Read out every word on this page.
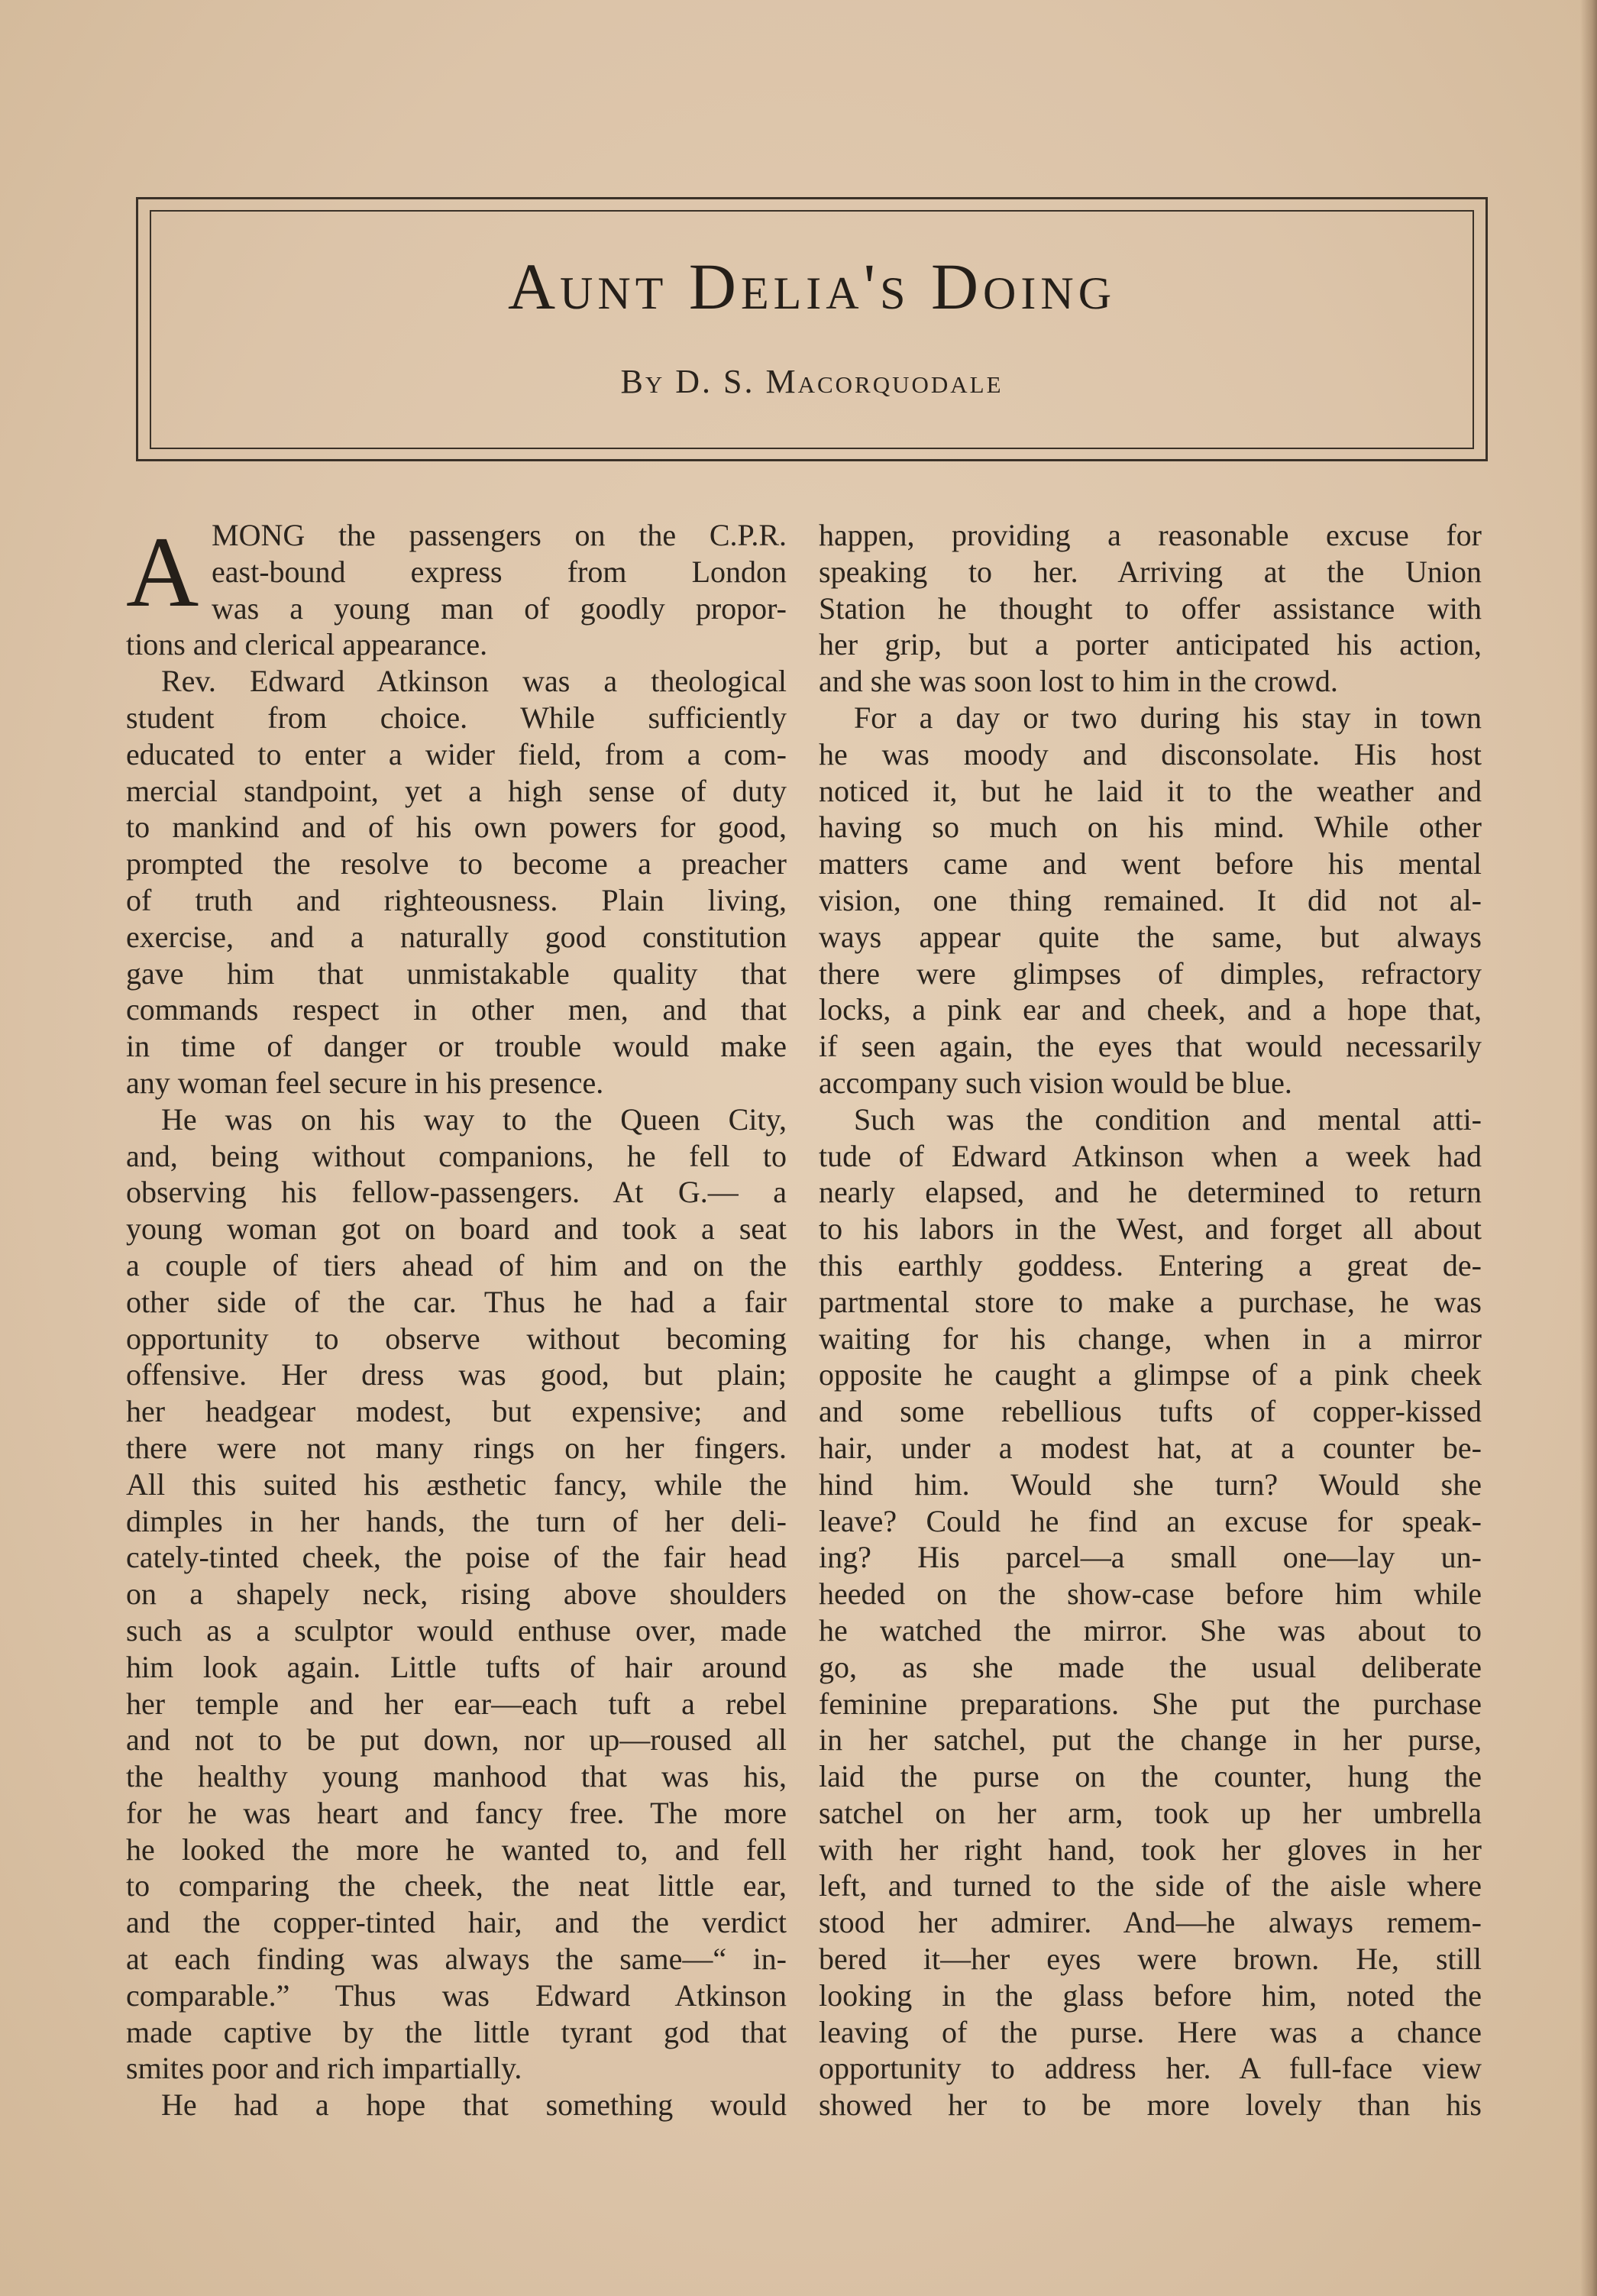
Aunt Delia's Doing
By D. S. Macorquodale
A MONG the passengers on the C.P.R.
east-bound express from London
was a young man of goodly propor-
tions and clerical appearance.
Rev. Edward Atkinson was a theological
student from choice. While sufficiently
educated to enter a wider field, from a com-
mercial standpoint, yet a high sense of duty
to mankind and of his own powers for good,
prompted the resolve to become a preacher
of truth and righteousness. Plain living,
exercise, and a naturally good constitution
gave him that unmistakable quality that
commands respect in other men, and that
in time of danger or trouble would make
any woman feel secure in his presence.
He was on his way to the Queen City,
and, being without companions, he fell to
observing his fellow-passengers. At G.— a
young woman got on board and took a seat
a couple of tiers ahead of him and on the
other side of the car. Thus he had a fair
opportunity to observe without becoming
offensive. Her dress was good, but plain;
her headgear modest, but expensive; and
there were not many rings on her fingers.
All this suited his æsthetic fancy, while the
dimples in her hands, the turn of her deli-
cately-tinted cheek, the poise of the fair head
on a shapely neck, rising above shoulders
such as a sculptor would enthuse over, made
him look again. Little tufts of hair around
her temple and her ear—each tuft a rebel
and not to be put down, nor up—roused all
the healthy young manhood that was his,
for he was heart and fancy free. The more
he looked the more he wanted to, and fell
to comparing the cheek, the neat little ear,
and the copper-tinted hair, and the verdict
at each finding was always the same—“ in-
comparable.” Thus was Edward Atkinson
made captive by the little tyrant god that
smites poor and rich impartially.
He had a hope that something would
happen, providing a reasonable excuse for
speaking to her. Arriving at the Union
Station he thought to offer assistance with
her grip, but a porter anticipated his action,
and she was soon lost to him in the crowd.
For a day or two during his stay in town
he was moody and disconsolate. His host
noticed it, but he laid it to the weather and
having so much on his mind. While other
matters came and went before his mental
vision, one thing remained. It did not al-
ways appear quite the same, but always
there were glimpses of dimples, refractory
locks, a pink ear and cheek, and a hope that,
if seen again, the eyes that would necessarily
accompany such vision would be blue.
Such was the condition and mental atti-
tude of Edward Atkinson when a week had
nearly elapsed, and he determined to return
to his labors in the West, and forget all about
this earthly goddess. Entering a great de-
partmental store to make a purchase, he was
waiting for his change, when in a mirror
opposite he caught a glimpse of a pink cheek
and some rebellious tufts of copper-kissed
hair, under a modest hat, at a counter be-
hind him. Would she turn? Would she
leave? Could he find an excuse for speak-
ing? His parcel—a small one—lay un-
heeded on the show-case before him while
he watched the mirror. She was about to
go, as she made the usual deliberate
feminine preparations. She put the purchase
in her satchel, put the change in her purse,
laid the purse on the counter, hung the
satchel on her arm, took up her umbrella
with her right hand, took her gloves in her
left, and turned to the side of the aisle where
stood her admirer. And—he always remem-
bered it—her eyes were brown. He, still
looking in the glass before him, noted the
leaving of the purse. Here was a chance
opportunity to address her. A full-face view
showed her to be more lovely than his
